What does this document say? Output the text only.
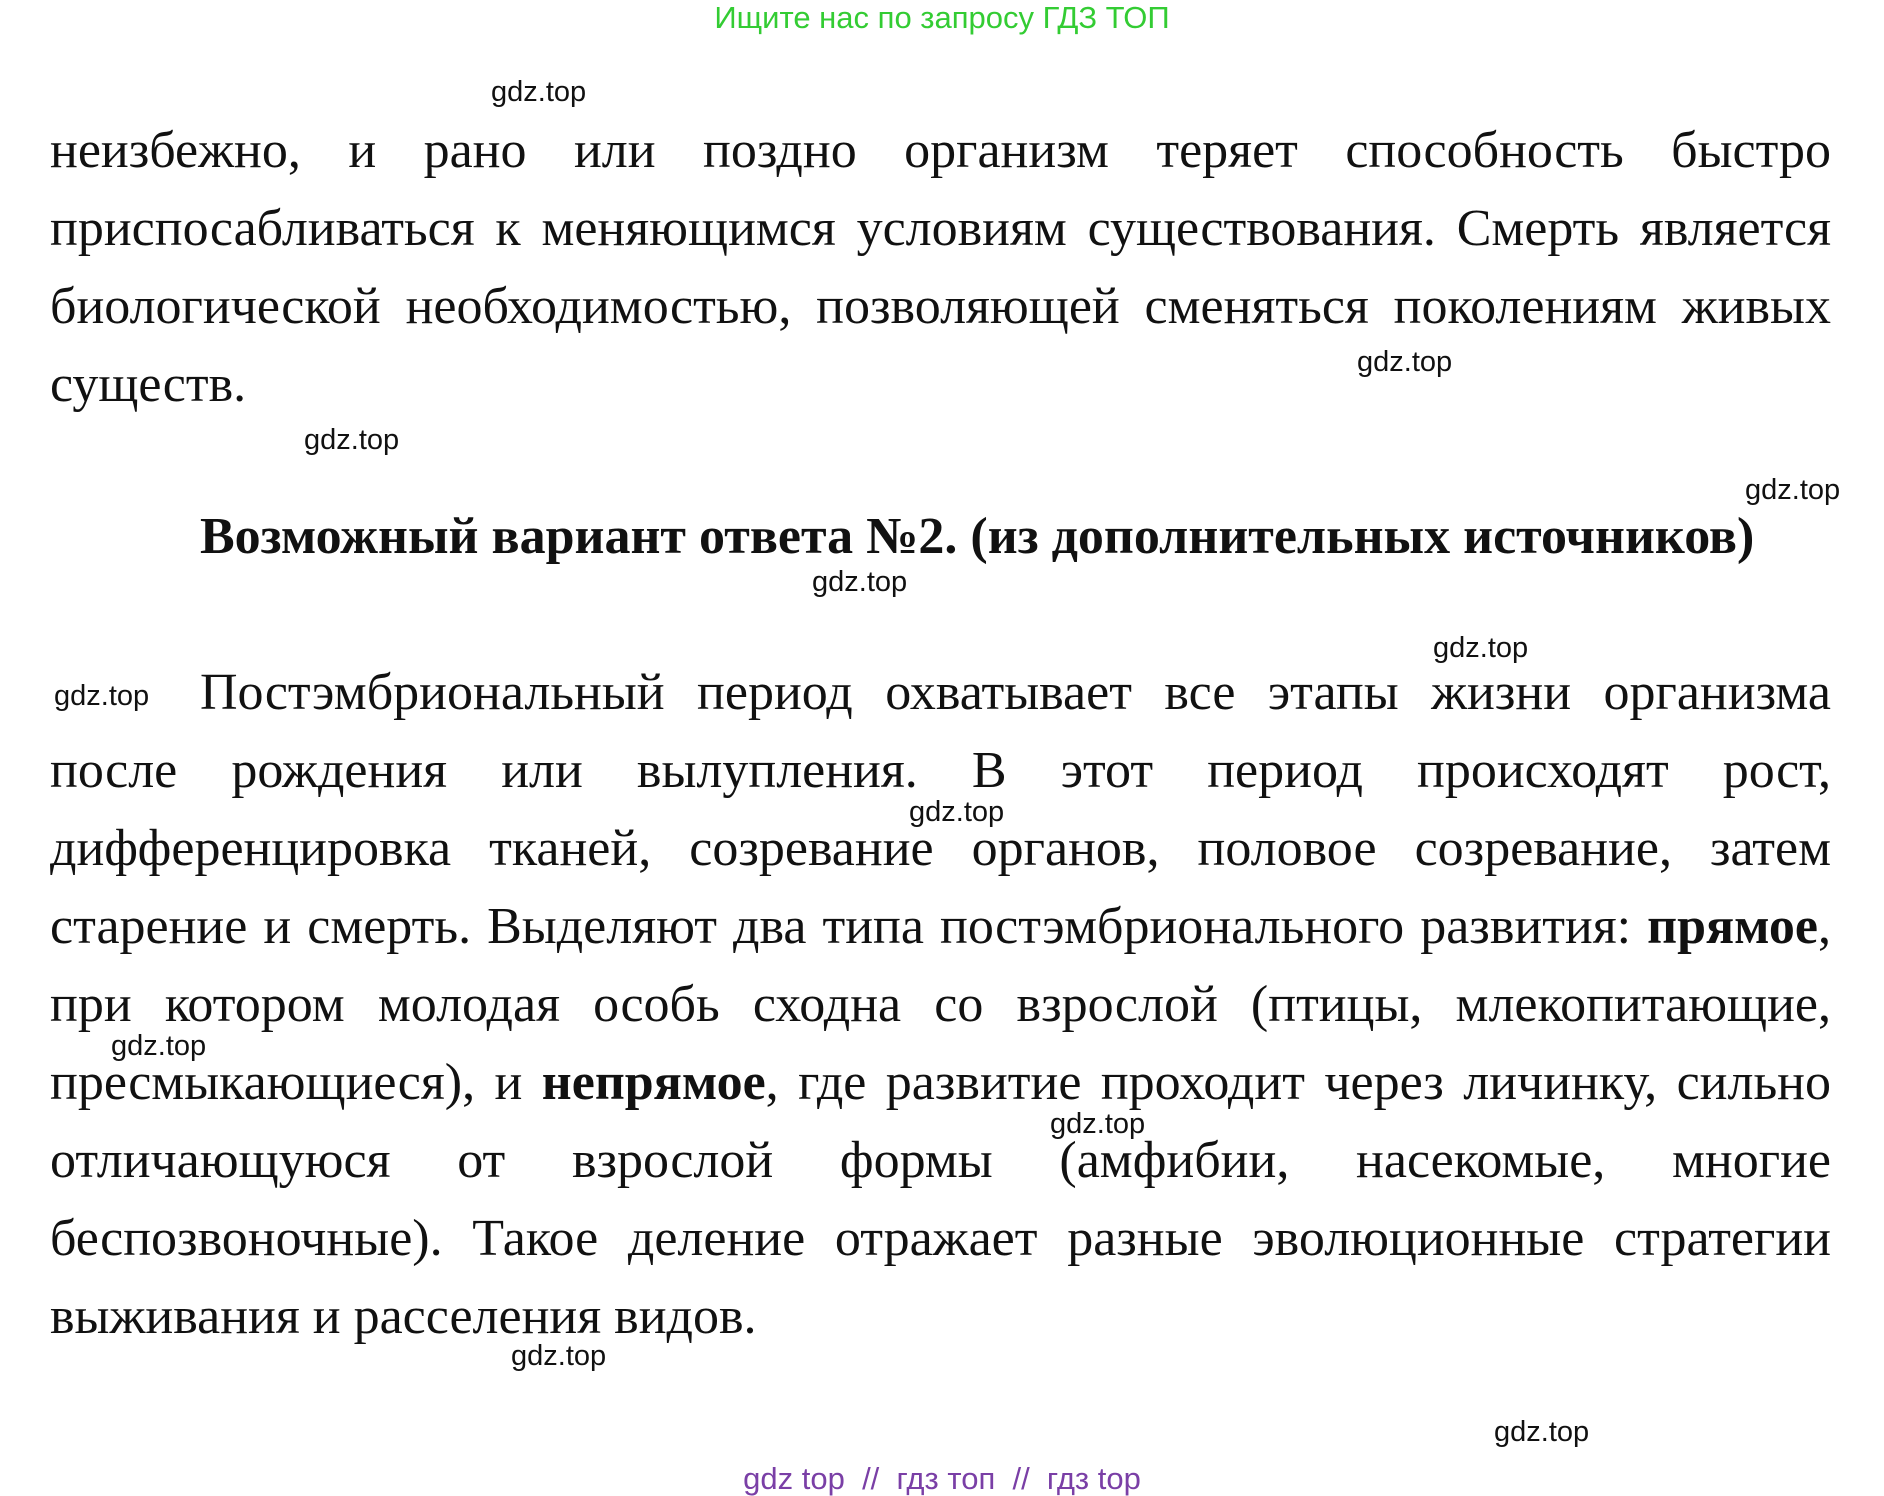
Ищите нас по запросу ГДЗ ТОП

неизбежно, и рано или поздно организм теряет способность быстро приспосабливаться к меняющимся условиям существования. Смерть является биологической необходимостью, позволяющей сменяться поколениям живых существ.

Возможный вариант ответа №2. (из дополнительных источников)

Постэмбриональный период охватывает все этапы жизни организма после рождения или вылупления. В этот период происходят рост, дифференцировка тканей, созревание органов, половое созревание, затем старение и смерть. Выделяют два типа постэмбрионального развития: прямое, при котором молодая особь сходна со взрослой (птицы, млекопитающие, пресмыкающиеся), и непрямое, где развитие проходит через личинку, сильно отличающуюся от взрослой формы (амфибии, насекомые, многие беспозвоночные). Такое деление отражает разные эволюционные стратегии выживания и расселения видов.

gdz.top
gdz.top
gdz.top
gdz.top
gdz.top
gdz.top
gdz.top
gdz.top
gdz.top
gdz.top
gdz.top
gdz.top
gdz top  //  гдз топ  //  гдз top
